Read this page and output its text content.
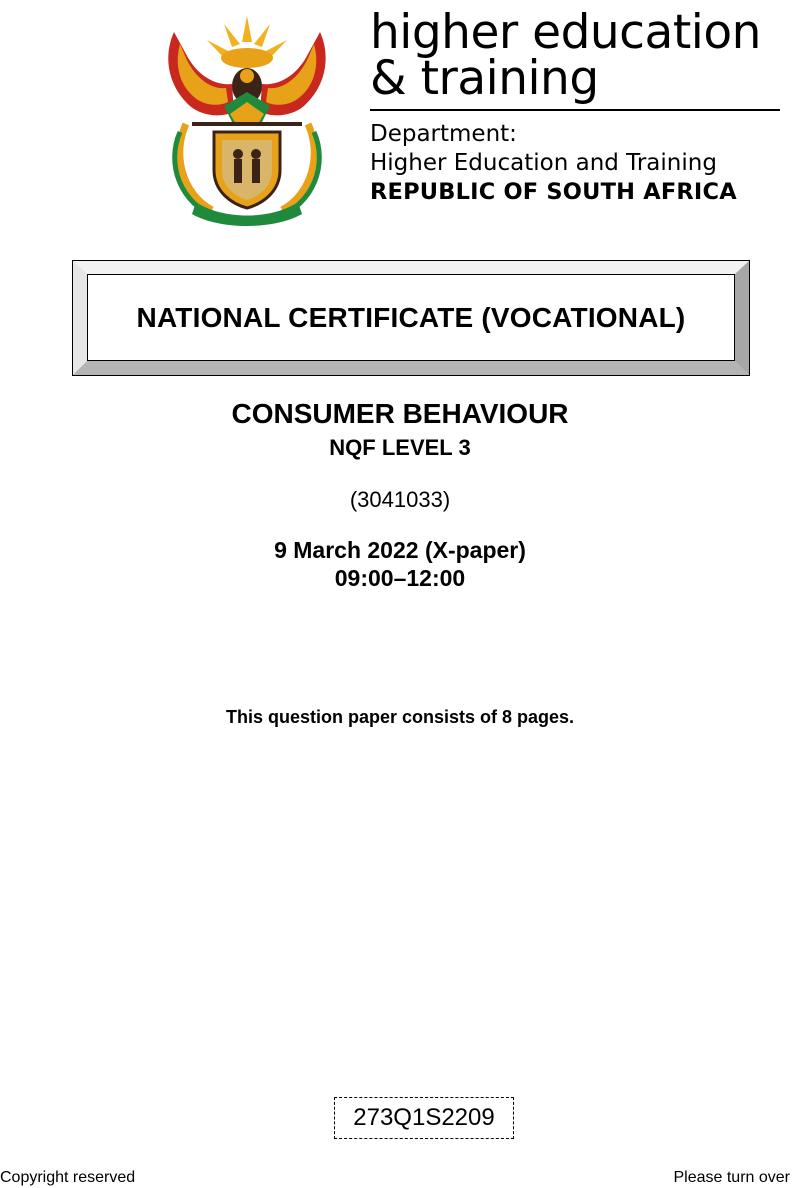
higher education
& training
Department:
Higher Education and Training
REPUBLIC OF SOUTH AFRICA
NATIONAL CERTIFICATE (VOCATIONAL)
CONSUMER BEHAVIOUR
NQF LEVEL 3
(3041033)
9 March 2022 (X-paper)
09:00–12:00
This question paper consists of 8 pages.
273Q1S2209
Copyright reserved	Please turn over
